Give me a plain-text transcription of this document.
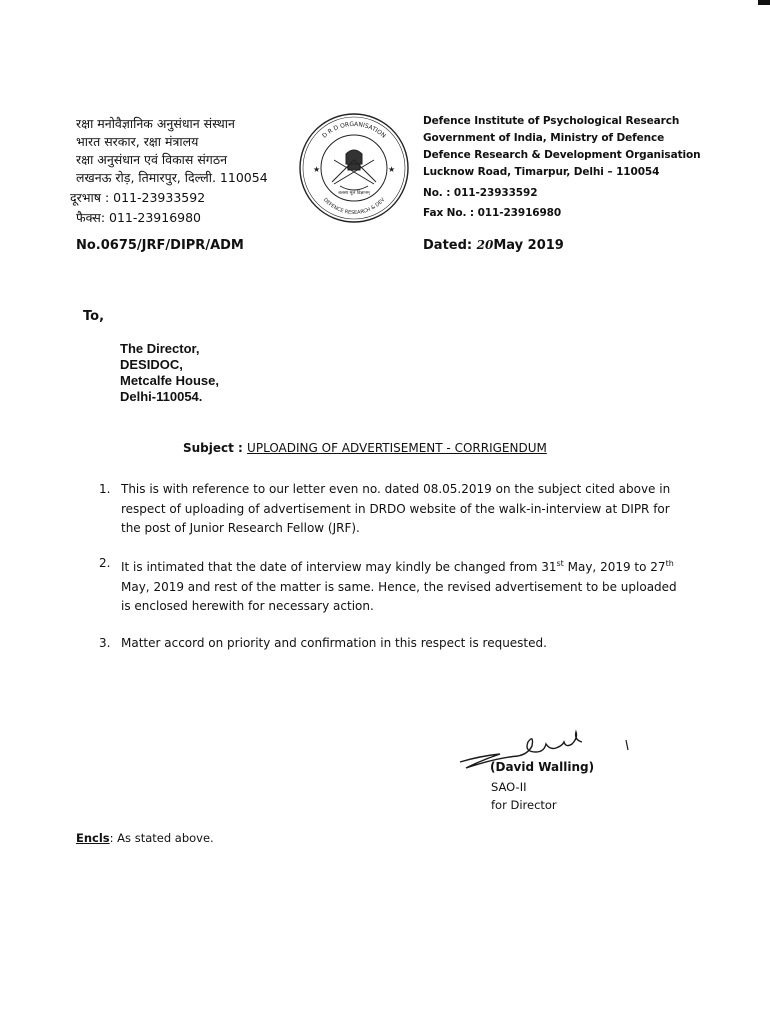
रक्षा मनोवैज्ञानिक अनुसंधान संस्थान
भारत सरकार, रक्षा मंत्रालय
रक्षा अनुसंधान एवं विकास संगठन
लखनऊ रोड़, तिमारपुर, दिल्ली. 110054
दूरभाष : 011-23933592
फैक्स: 011-23916980
D R D ORGANISATION
DEFENCE RESEARCH & DEV
★	★
बलस्य मूलं विज्ञानम्
Defence Institute of Psychological Research
Government of India, Ministry of Defence
Defence Research & Development Organisation
Lucknow Road, Timarpur, Delhi – 110054
No. : 011-23933592
Fax No. : 011-23916980
No.0675/JRF/DIPR/ADM	Dated: 20May 2019
To,
The Director,
DESIDOC,
Metcalfe House,
Delhi-110054.
Subject : UPLOADING OF ADVERTISEMENT - CORRIGENDUM
1. This is with reference to our letter even no. dated 08.05.2019 on the subject cited above in respect of uploading of advertisement in DRDO website of the walk-in-interview at DIPR for the post of Junior Research Fellow (JRF).
2. It is intimated that the date of interview may kindly be changed from 31st May, 2019 to 27th May, 2019 and rest of the matter is same. Hence, the revised advertisement to be uploaded is enclosed herewith for necessary action.
3. Matter accord on priority and confirmation in this respect is requested.
(David Walling)
SAO-II
for Director
Encls: As stated above.
